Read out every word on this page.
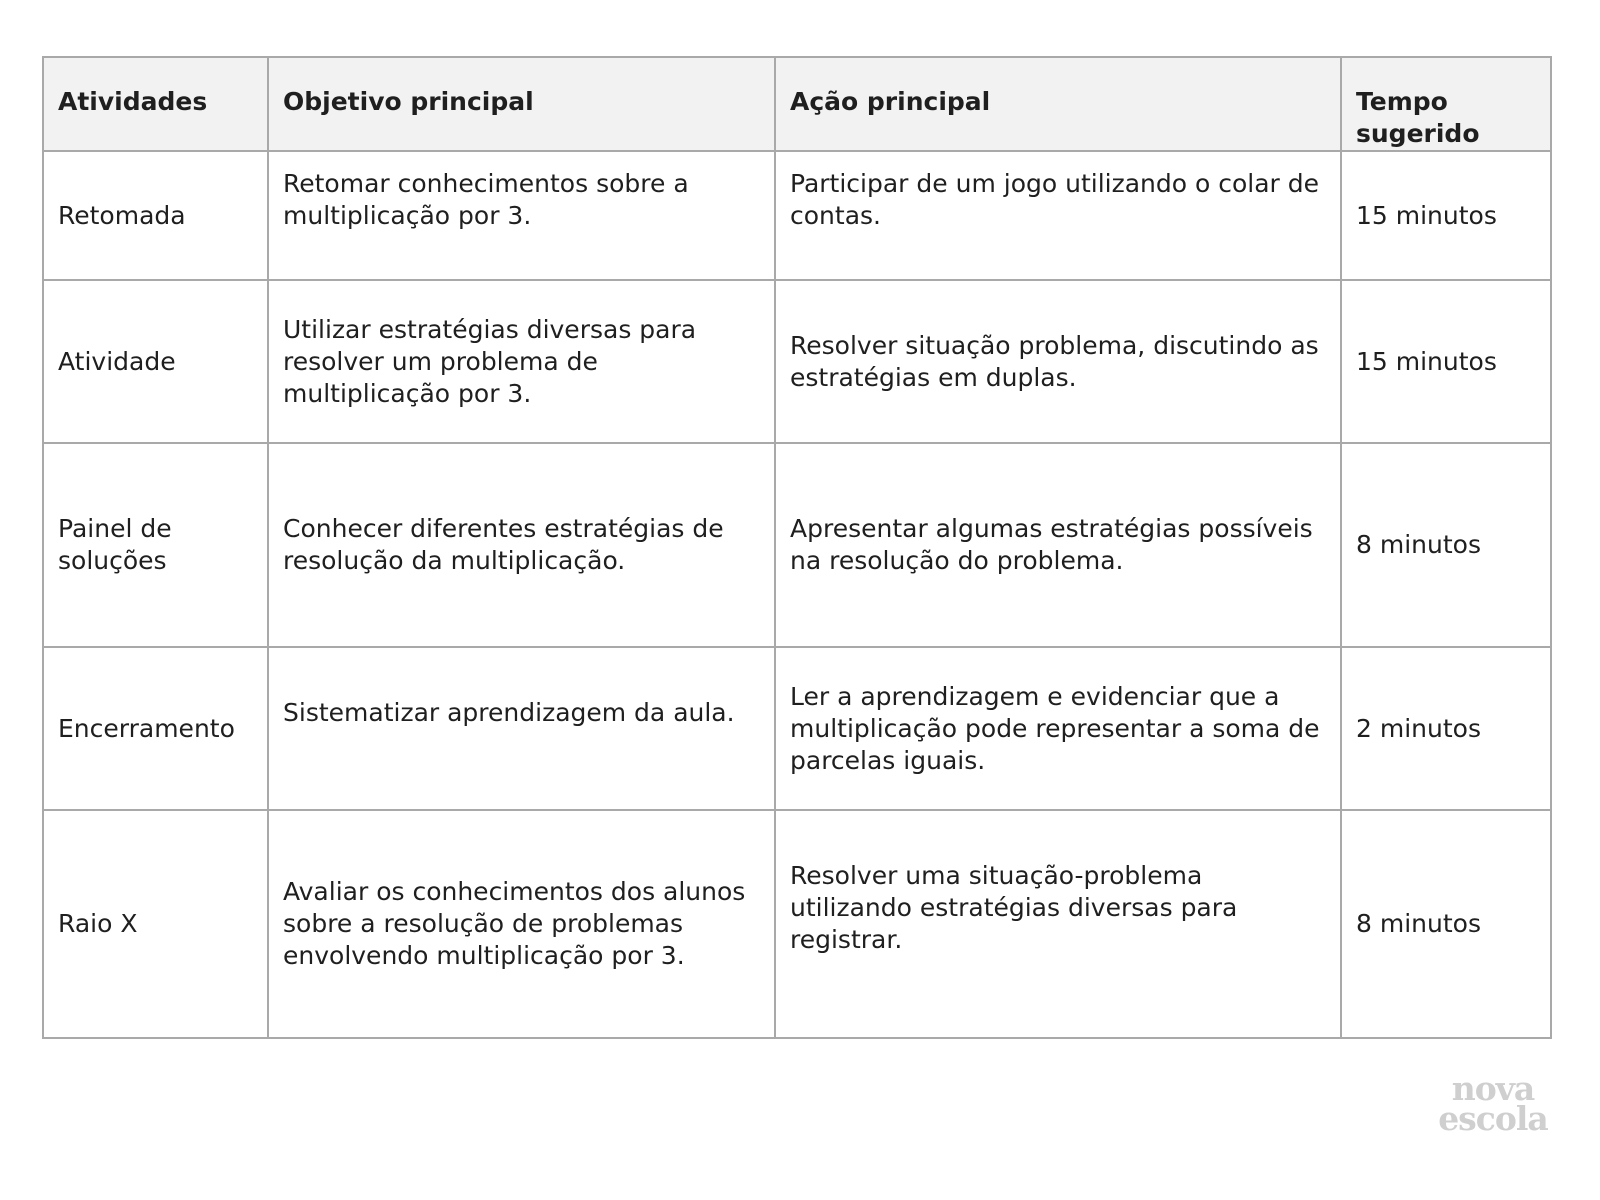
Atividades	Objetivo principal	Ação principal	Tempo sugerido

Retomada	Retomar conhecimentos sobre a multiplicação por 3.	Participar de um jogo utilizando o colar de contas.	15 minutos

Atividade	Utilizar estratégias diversas para resolver um problema de multiplicação por 3.	Resolver situação problema, discutindo as estratégias em duplas.	15 minutos

Painel de soluções	Conhecer diferentes estratégias de resolução da multiplicação.	Apresentar algumas estratégias possíveis na resolução do problema.	8 minutos

Encerramento	Sistematizar aprendizagem da aula.	Ler a aprendizagem e evidenciar que a multiplicação pode representar a soma de parcelas iguais.	2 minutos

Raio X	Avaliar os conhecimentos dos alunos sobre a resolução de problemas envolvendo multiplicação por 3.	Resolver uma situação-problema utilizando estratégias diversas para registrar.	8 minutos
nova
escola
